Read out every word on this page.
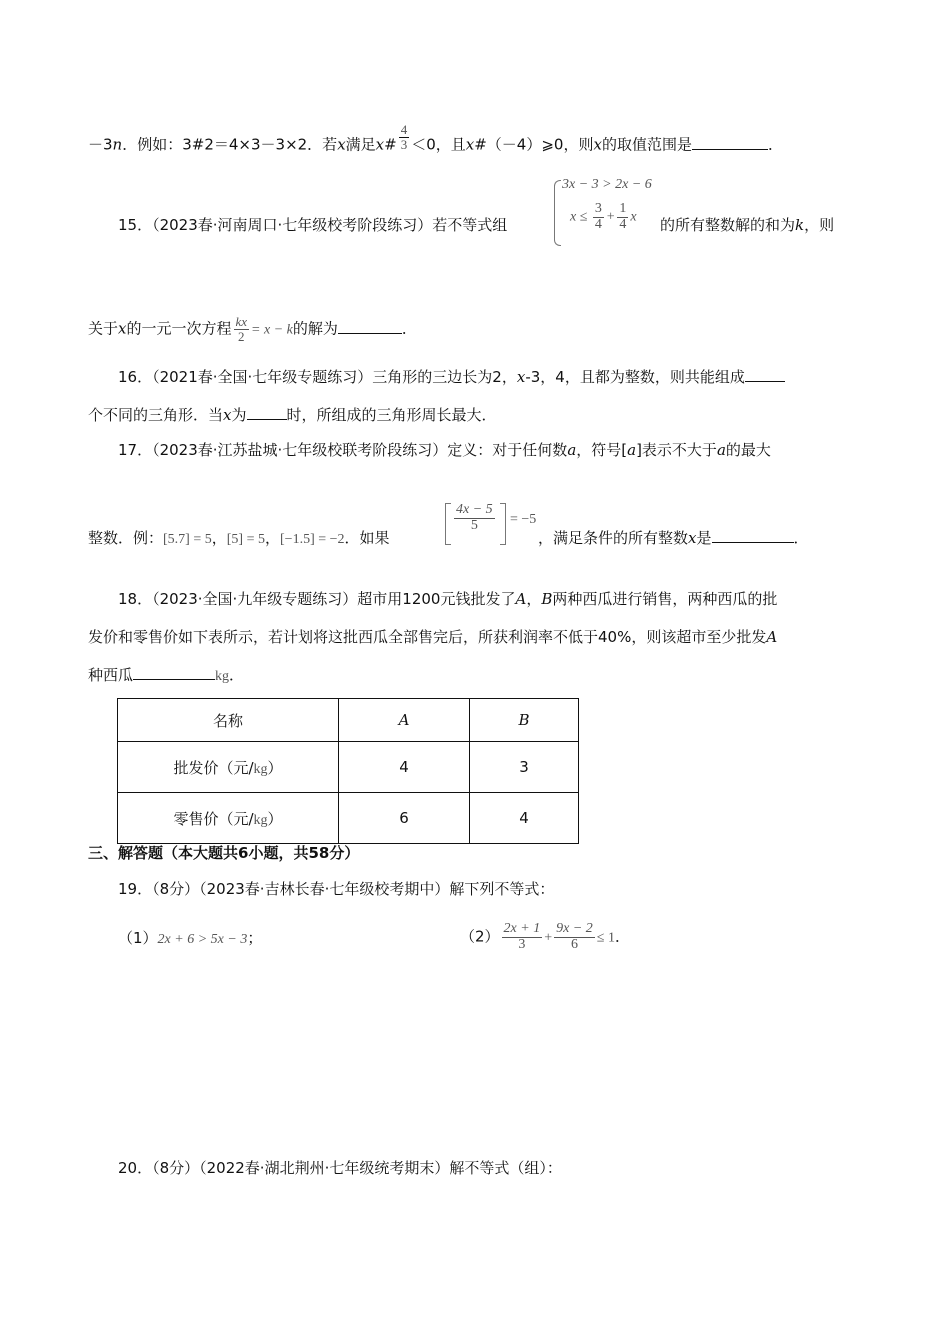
－3n．例如：3#2＝4×3－3×2．若x满足x# $\frac{4}{3} <0$，且x#（－4）⩾0，则x的取值范围是	．
15．（2023春·河南周口·七年级校考阶段练习）若不等式组
3x − 3 > 2x − 6
$x \le \frac{3}{4} + \frac{1}{4}$ x 的所有整数解的和为k，则
关于x的一元一次方程 $\frac{kx}{2} = x - k$的解为	．
16．（2021春·全国·七年级专题练习）三角形的三边长为2，x-3，4，且都为整数，则共能组成
个不同的三角形．当x为	时，所组成的三角形周长最大．
17．（2023春·江苏盐城·七年级校联考阶段练习）定义：对于任何数a，符号[a]表示不大于a的最大
整数．例：[5.7] = 5，[5] = 5，[−1.5] = −2．如果
$\frac{4x - 5}{5} = -5$
，满足条件的所有整数x是	．
18．（2023·全国·九年级专题练习）超市用1200元钱批发了A，B两种西瓜进行销售，两种西瓜的批
发价和零售价如下表所示，若计划将这批西瓜全部售完后，所获利润率不低于40%，则该超市至少批发A
种西瓜	kg．
名称	A	B
批发价（元/kg）	4	3
零售价（元/kg）	6	4
三、解答题（本大题共6小题，共58分）
19．（8分）（2023春·吉林长春·七年级校考期中）解下列不等式：
（1）2x + 6 > 5x − 3；	$(2) \frac{2x + 1}{3} + \frac{9x - 2}{6} \le 1$．
20．（8分）（2022春·湖北荆州·七年级统考期末）解不等式（组）：
